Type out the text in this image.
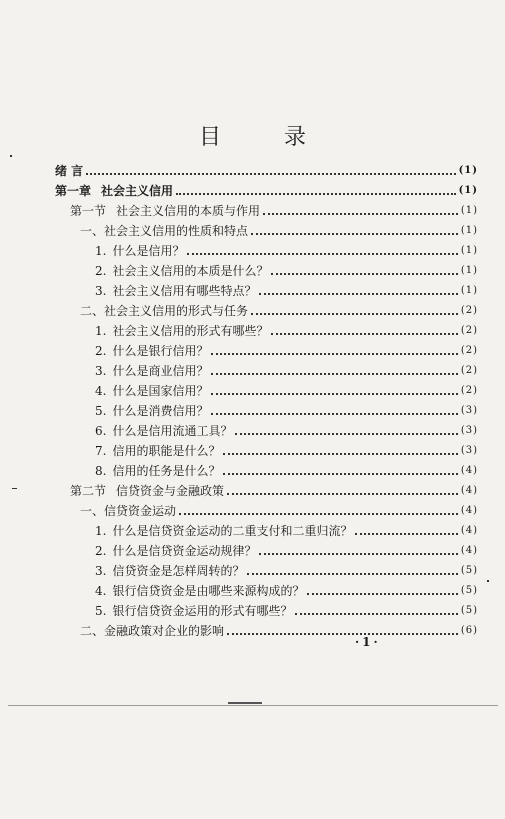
目 录
绪 言	(1)
第一章 社会主义信用	(1)
第一节 社会主义信用的本质与作用	(1)
一、社会主义信用的性质和特点	(1)
1. 什么是信用？	(1)
2. 社会主义信用的本质是什么？	(1)
3. 社会主义信用有哪些特点？	(1)
二、社会主义信用的形式与任务	(2)
1. 社会主义信用的形式有哪些？	(2)
2. 什么是银行信用？	(2)
3. 什么是商业信用？	(2)
4. 什么是国家信用？	(2)
5. 什么是消费信用？	(3)
6. 什么是信用流通工具？	(3)
7. 信用的职能是什么？	(3)
8. 信用的任务是什么？	(4)
第二节 信贷资金与金融政策	(4)
一、信贷资金运动	(4)
1. 什么是信贷资金运动的二重支付和二重归流？	(4)
2. 什么是信贷资金运动规律？	(4)
3. 信贷资金是怎样周转的？	(5)
4. 银行信贷资金是由哪些来源构成的？	(5)
5. 银行信贷资金运用的形式有哪些？	(5)
二、金融政策对企业的影响	(6)
·1·
